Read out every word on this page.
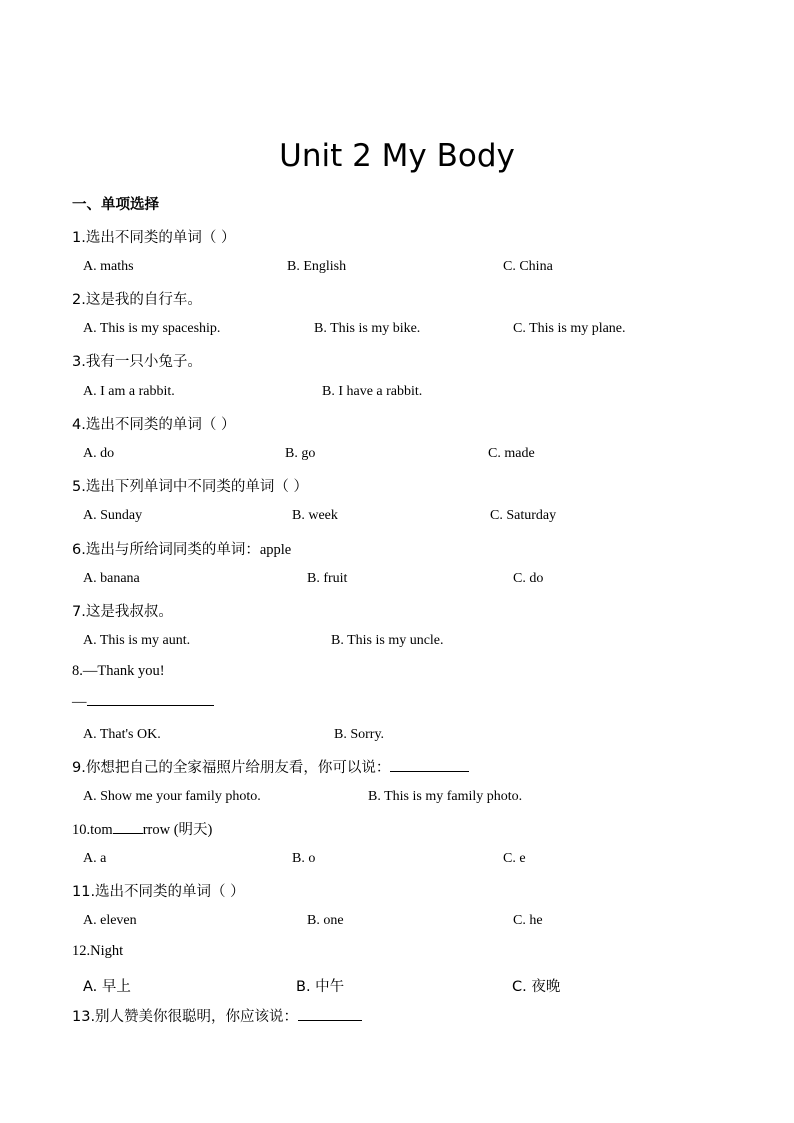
Unit 2 My Body
一、单项选择
1.选出不同类的单词（ ）
A. maths	B. English	C. China
2.这是我的自行车。
A. This is my spaceship.	B. This is my bike.	C. This is my plane.
3.我有一只小兔子。
A. I am a rabbit.	B. I have a rabbit.
4.选出不同类的单词（ ）
A. do	B. go	C. made
5.选出下列单词中不同类的单词（ ）
A. Sunday	B. week	C. Saturday
6.选出与所给词同类的单词：apple
A. banana	B. fruit	C. do
7.这是我叔叔。
A. This is my aunt.	B. This is my uncle.
8.—Thank you!
—
A. That's OK.	B. Sorry.
9.你想把自己的全家福照片给朋友看，你可以说：
A. Show me your family photo.	B. This is my family photo.
10.tom rrow (明天)
A. a	B. o	C. e
11.选出不同类的单词（ ）
A. eleven	B. one	C. he
12.Night
A. 早上	B. 中午	C. 夜晚
13.别人赞美你很聪明，你应该说：
